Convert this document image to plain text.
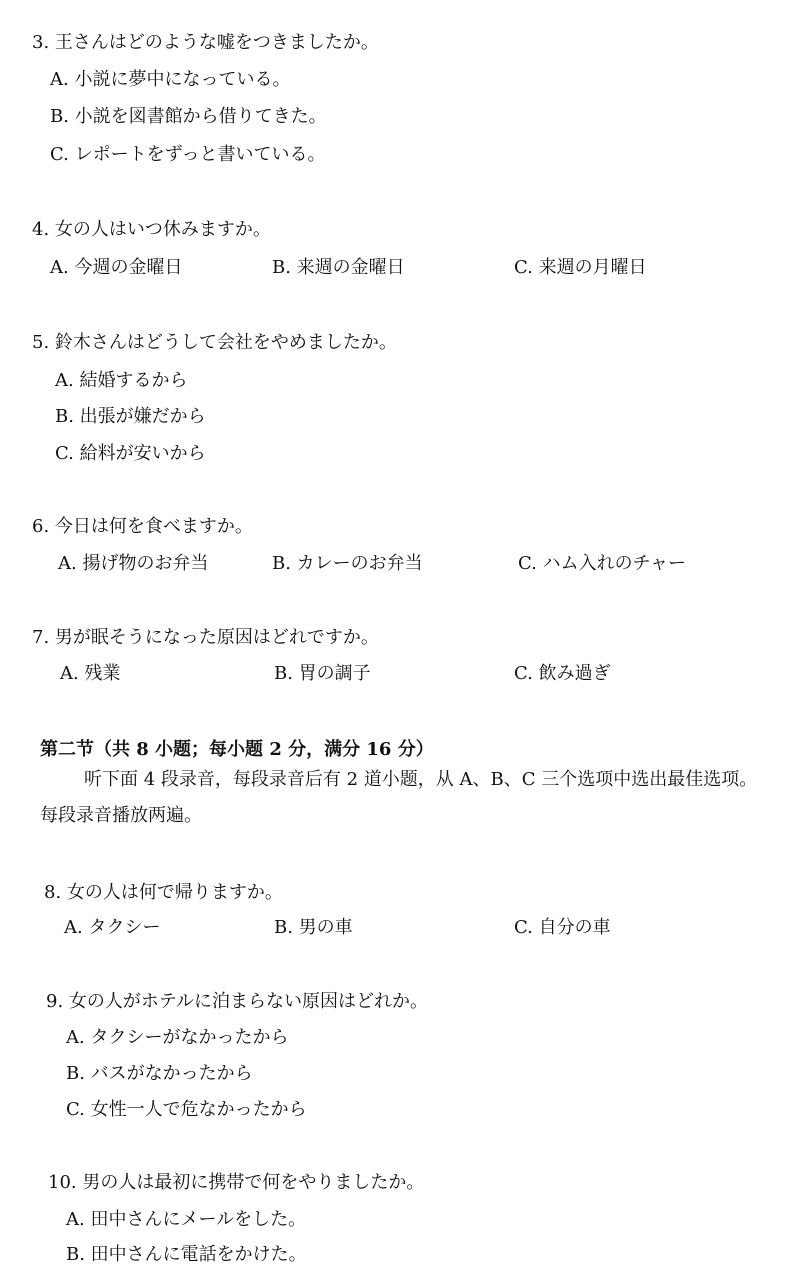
3. 王さんはどのような嘘をつきましたか。
A. 小説に夢中になっている。
B. 小説を図書館から借りてきた。
C. レポートをずっと書いている。
4. 女の人はいつ休みますか。
A. 今週の金曜日	B. 来週の金曜日	C. 来週の月曜日
5. 鈴木さんはどうして会社をやめましたか。
A. 結婚するから
B. 出張が嫌だから
C. 給料が安いから
6. 今日は何を食べますか。
A. 揚げ物のお弁当	B. カレーのお弁当	C. ハム入れのチャー
7. 男が眠そうになった原因はどれですか。
A. 残業	B. 胃の調子	C. 飲み過ぎ
第二节（共 8 小题；每小题 2 分，满分 16 分）

听下面 4 段录音，每段录音后有 2 道小题，从 A、B、C 三个选项中选出最佳选项。

每段录音播放两遍。

8. 女の人は何で帰りますか。
A. タクシー	B. 男の車	C. 自分の車
9. 女の人がホテルに泊まらない原因はどれか。
A. タクシーがなかったから
B. バスがなかったから
C. 女性一人で危なかったから
10. 男の人は最初に携帯で何をやりましたか。
A. 田中さんにメールをした。
B. 田中さんに電話をかけた。
